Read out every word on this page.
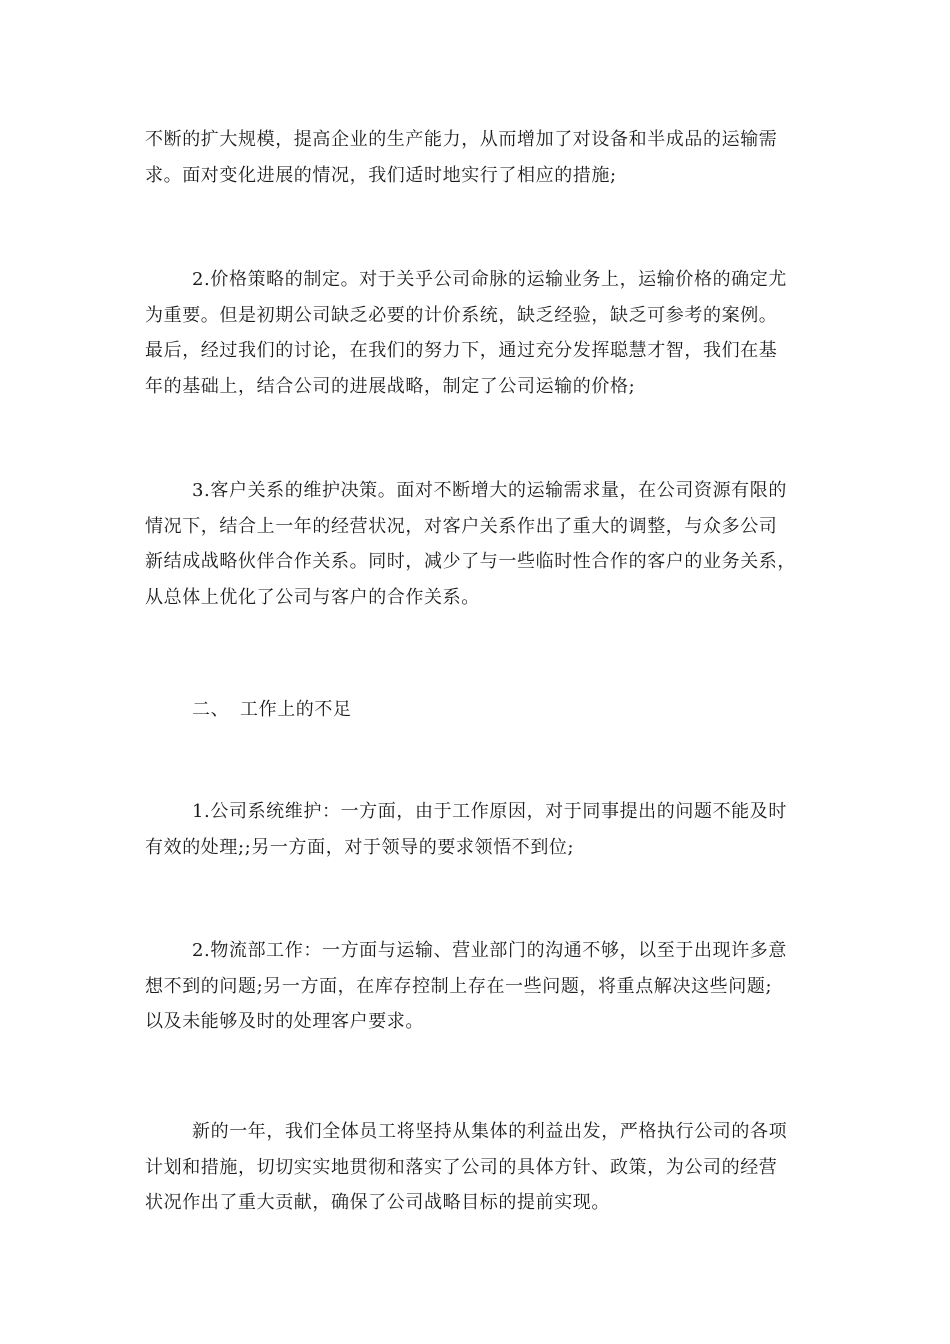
不断的扩大规模，提高企业的生产能力，从而增加了对设备和半成品的运输需
求。面对变化进展的情况，我们适时地实行了相应的措施;
2.价格策略的制定。对于关乎公司命脉的运输业务上，运输价格的确定尤
为重要。但是初期公司缺乏必要的计价系统，缺乏经验，缺乏可参考的案例。
最后，经过我们的讨论，在我们的努力下，通过充分发挥聪慧才智，我们在基
年的基础上，结合公司的进展战略，制定了公司运输的价格;
3.客户关系的维护决策。面对不断增大的运输需求量，在公司资源有限的
情况下，结合上一年的经营状况，对客户关系作出了重大的调整，与众多公司
新结成战略伙伴合作关系。同时，减少了与一些临时性合作的客户的业务关系，
从总体上优化了公司与客户的合作关系。
二、 工作上的不足
1.公司系统维护：一方面，由于工作原因，对于同事提出的问题不能及时
有效的处理;;另一方面，对于领导的要求领悟不到位;
2.物流部工作：一方面与运输、营业部门的沟通不够，以至于出现许多意
想不到的问题;另一方面，在库存控制上存在一些问题，将重点解决这些问题;
以及未能够及时的处理客户要求。
新的一年，我们全体员工将坚持从集体的利益出发，严格执行公司的各项
计划和措施，切切实实地贯彻和落实了公司的具体方针、政策，为公司的经营
状况作出了重大贡献，确保了公司战略目标的提前实现。
